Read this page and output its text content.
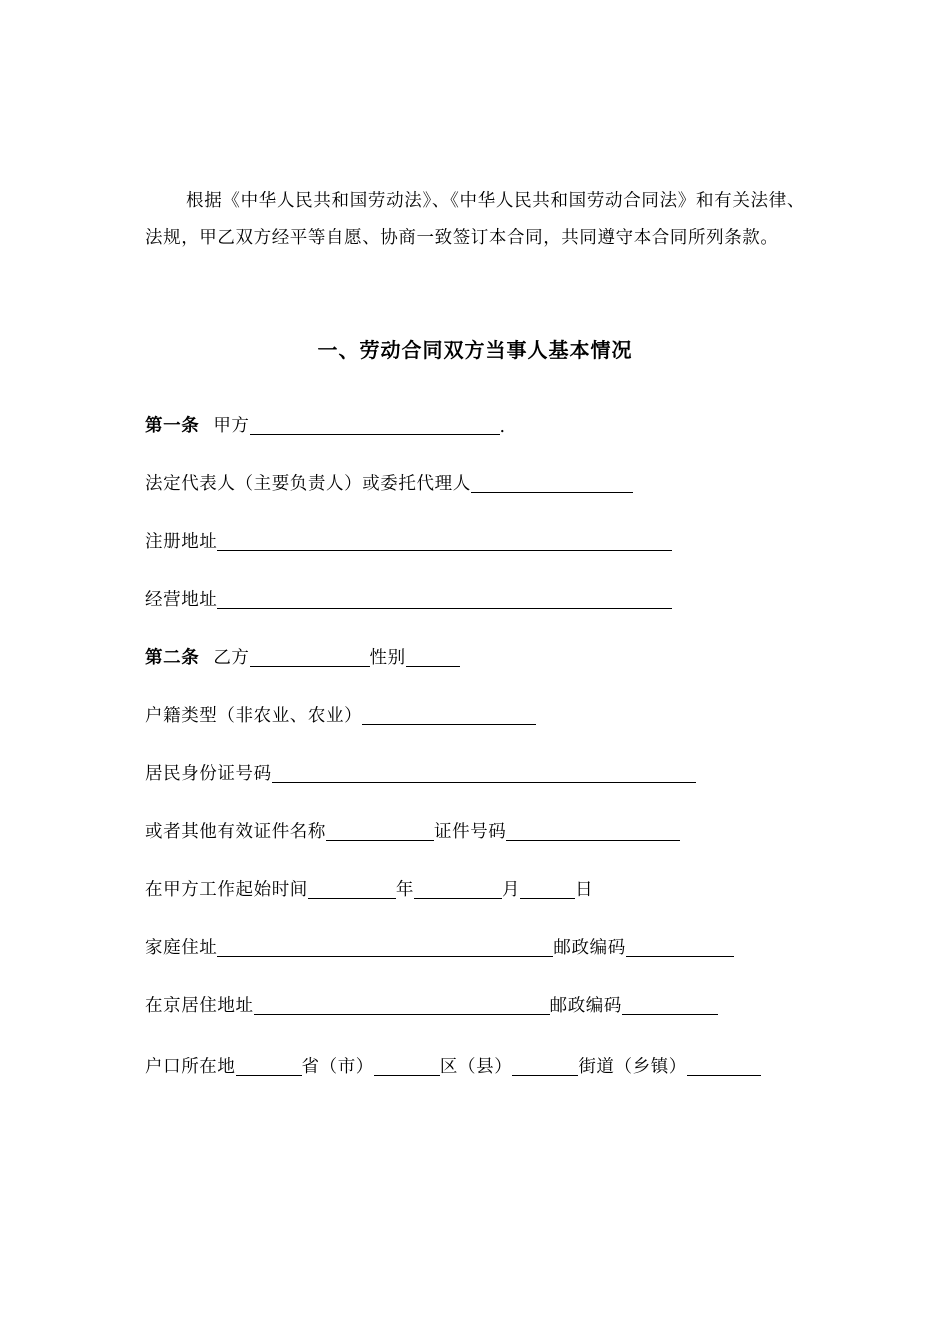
根据《中华人民共和国劳动法》、《中华人民共和国劳动合同法》和有关法律、法规，甲乙双方经平等自愿、协商一致签订本合同，共同遵守本合同所列条款。

一、劳动合同双方当事人基本情况
第一条 甲方	.
法定代表人（主要负责人）或委托代理人
注册地址
经营地址
第二条 乙方	性别
户籍类型（非农业、农业）
居民身份证号码
或者其他有效证件名称	证件号码
在甲方工作起始时间	年	月	日
家庭住址	邮政编码
在京居住地址	邮政编码
户口所在地	省（市）	区（县）	街道（乡镇）
